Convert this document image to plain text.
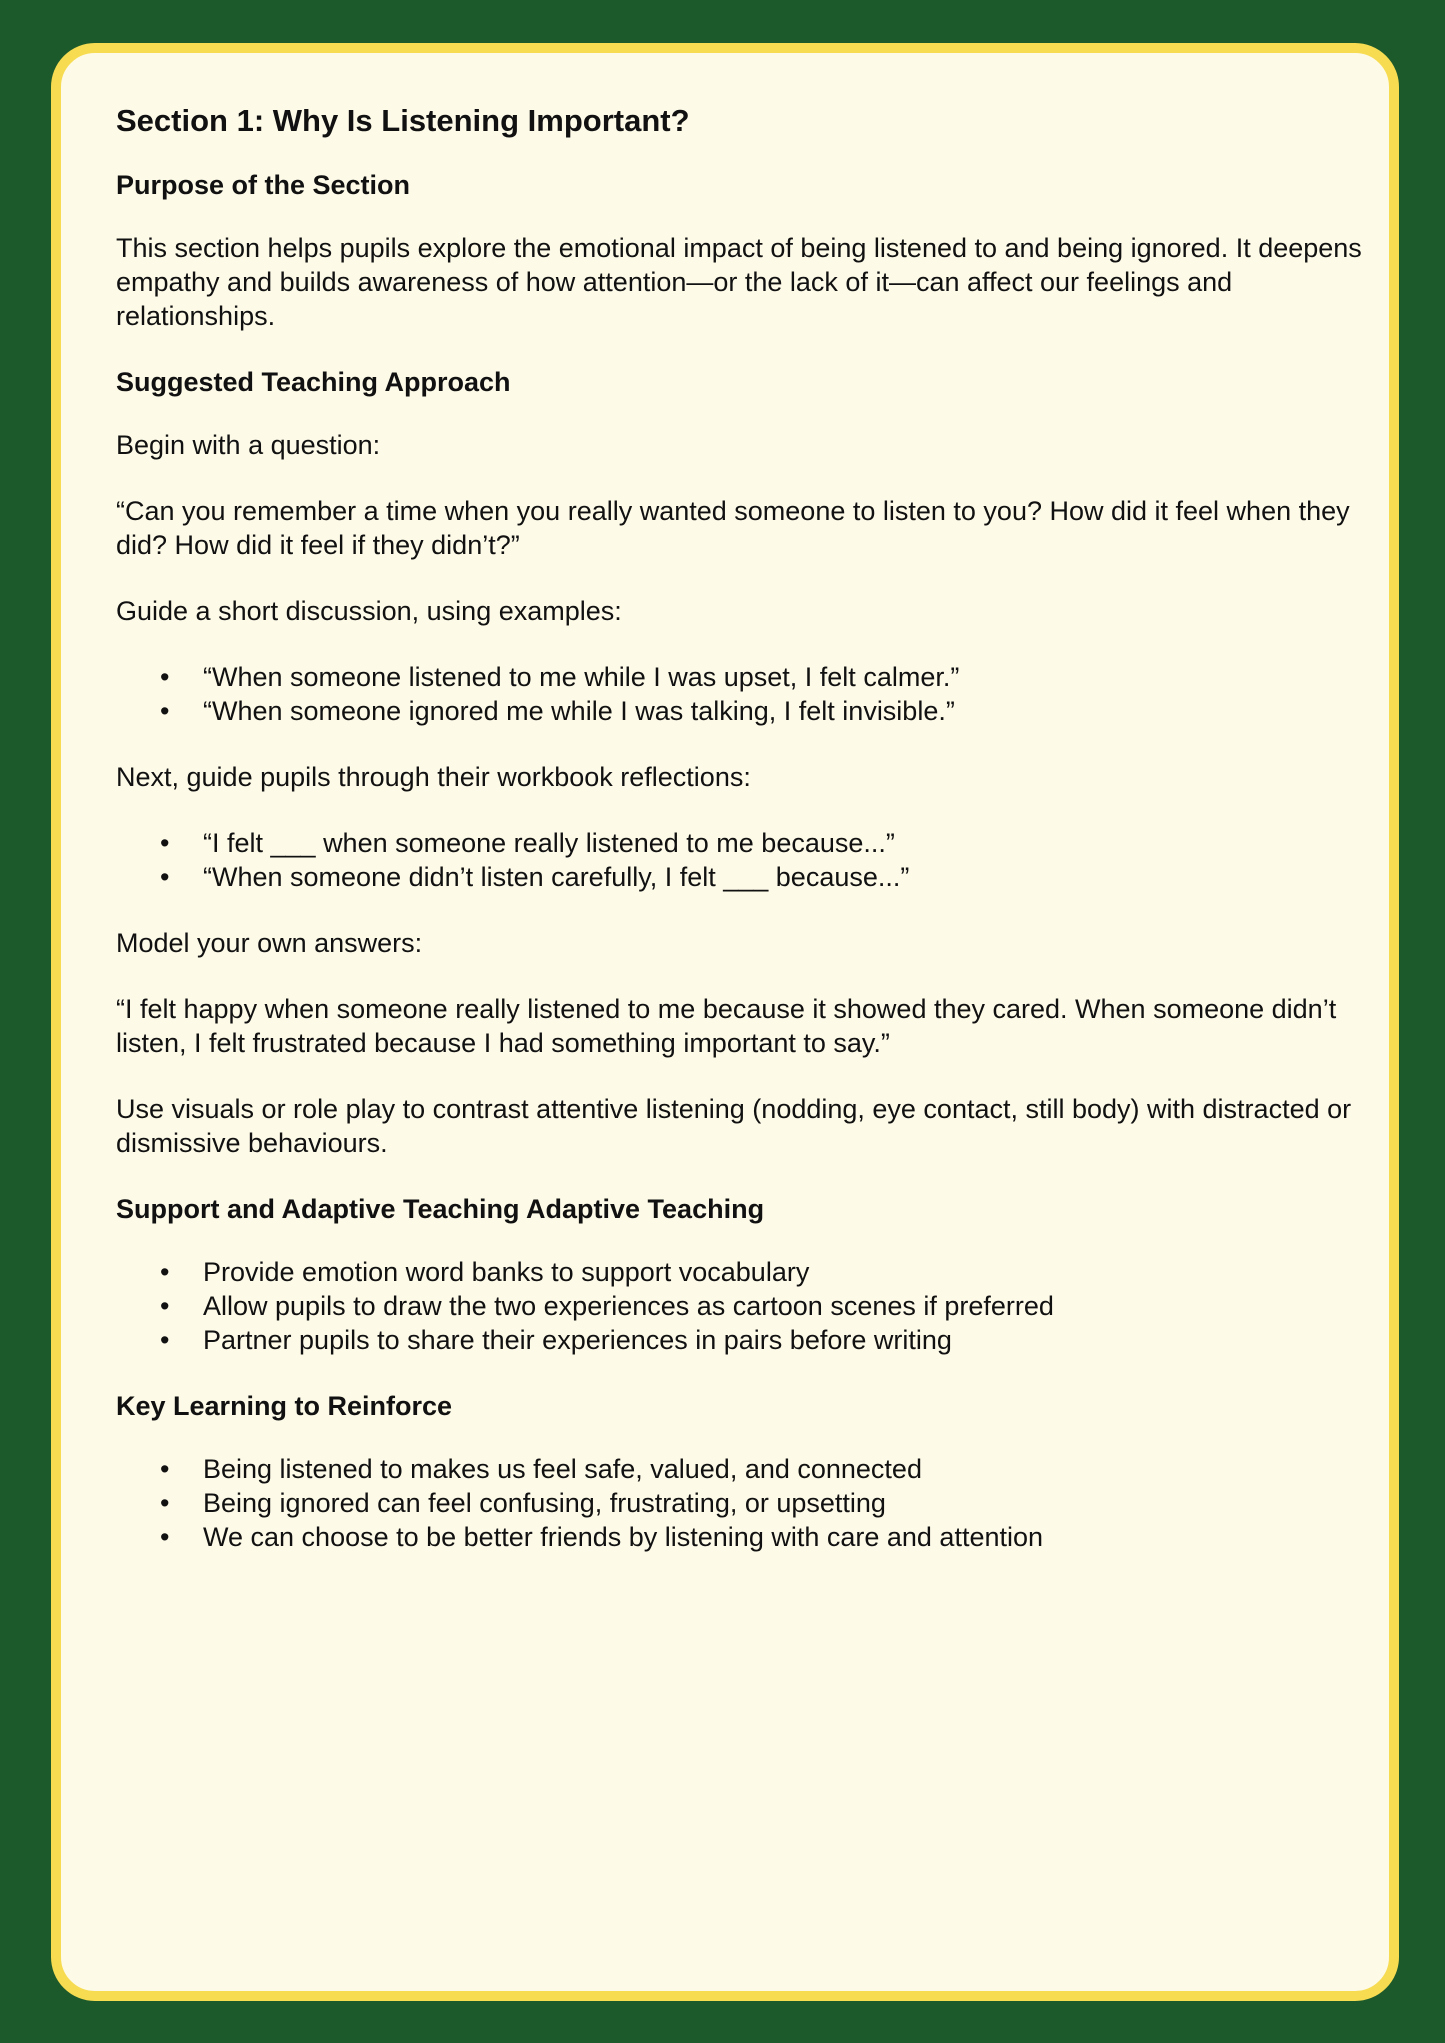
Section 1: Why Is Listening Important?
Purpose of the Section

This section helps pupils explore the emotional impact of being listened to and being ignored. It deepens empathy and builds awareness of how attention—or the lack of it—can affect our feelings and relationships.

Suggested Teaching Approach

Begin with a question:

“Can you remember a time when you really wanted someone to listen to you? How did it feel when they did? How did it feel if they didn’t?”

Guide a short discussion, using examples:

• “When someone listened to me while I was upset, I felt calmer.”
• “When someone ignored me while I was talking, I felt invisible.”

Next, guide pupils through their workbook reflections:

• “I felt ___ when someone really listened to me because...”
• “When someone didn’t listen carefully, I felt ___ because...”

Model your own answers:

“I felt happy when someone really listened to me because it showed they cared. When someone didn’t listen, I felt frustrated because I had something important to say.”

Use visuals or role play to contrast attentive listening (nodding, eye contact, still body) with distracted or dismissive behaviours.

Support and Adaptive Teaching Adaptive Teaching
• Provide emotion word banks to support vocabulary
• Allow pupils to draw the two experiences as cartoon scenes if preferred
• Partner pupils to share their experiences in pairs before writing
Key Learning to Reinforce
• Being listened to makes us feel safe, valued, and connected
• Being ignored can feel confusing, frustrating, or upsetting
• We can choose to be better friends by listening with care and attention
